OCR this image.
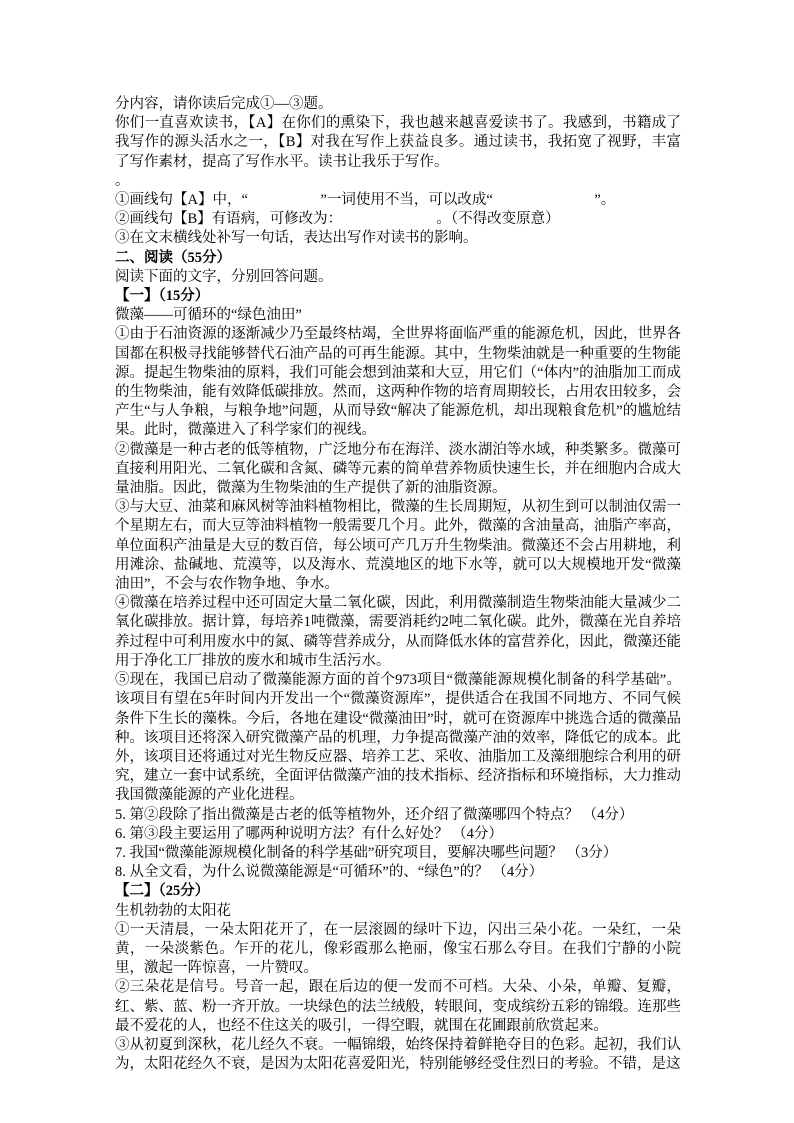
分内容，请你读后完成①—③题。

你们一直喜欢读书，【A】在你们的熏染下，我也越来越喜爱读书了。我感到，书籍成了我写作的源头活水之一，【B】对我在写作上获益良多。通过读书，我拓宽了视野，丰富了写作素材，提高了写作水平。读书让我乐于写作。

。

①画线句【A】中，“　　　　　”一词使用不当，可以改成“　　　　　　　”。

②画线句【B】有语病，可修改为：　　　　　　　。（不得改变原意）

③在文末横线处补写一句话，表达出写作对读书的影响。

二、阅读（55分）

阅读下面的文字，分别回答问题。

【一】（15分）

微藻——可循环的“绿色油田”

①由于石油资源的逐渐减少乃至最终枯竭，全世界将面临严重的能源危机，因此，世界各国都在积极寻找能够替代石油产品的可再生能源。其中，生物柴油就是一种重要的生物能源。提起生物柴油的原料，我们可能会想到油菜和大豆，用它们（“体内”的油脂加工而成的生物柴油，能有效降低碳排放。然而，这两种作物的培育周期较长，占用农田较多，会产生“与人争粮，与粮争地”问题，从而导致“解决了能源危机，却出现粮食危机”的尴尬结果。此时，微藻进入了科学家们的视线。

②微藻是一种古老的低等植物，广泛地分布在海洋、淡水湖泊等水域，种类繁多。微藻可直接利用阳光、二氧化碳和含氮、磷等元素的简单营养物质快速生长，并在细胞内合成大量油脂。因此，微藻为生物柴油的生产提供了新的油脂资源。

③与大豆、油菜和麻风树等油料植物相比，微藻的生长周期短，从初生到可以制油仅需一个星期左右，而大豆等油料植物一般需要几个月。此外，微藻的含油量高，油脂产率高，单位面积产油量是大豆的数百倍，每公顷可产几万升生物柴油。微藻还不会占用耕地，利用滩涂、盐碱地、荒漠等，以及海水、荒漠地区的地下水等，就可以大规模地开发“微藻油田”，不会与农作物争地、争水。

④微藻在培养过程中还可固定大量二氧化碳，因此，利用微藻制造生物柴油能大量减少二氧化碳排放。据计算，每培养1吨微藻，需要消耗约2吨二氧化碳。此外，微藻在光自养培养过程中可利用废水中的氮、磷等营养成分，从而降低水体的富营养化，因此，微藻还能用于净化工厂排放的废水和城市生活污水。

⑤现在，我国已启动了微藻能源方面的首个973项目“微藻能源规模化制备的科学基础”。该项目有望在5年时间内开发出一个“微藻资源库”，提供适合在我国不同地方、不同气候条件下生长的藻株。今后，各地在建设“微藻油田”时，就可在资源库中挑选合适的微藻品种。该项目还将深入研究微藻产品的机理，力争提高微藻产油的效率，降低它的成本。此外，该项目还将通过对光生物反应器、培养工艺、采收、油脂加工及藻细胞综合利用的研究，建立一套中试系统，全面评估微藻产油的技术指标、经济指标和环境指标，大力推动我国微藻能源的产业化进程。

5. 第②段除了指出微藻是古老的低等植物外，还介绍了微藻哪四个特点？ （4分）

6. 第③段主要运用了哪两种说明方法？有什么好处？ （4分）

7. 我国“微藻能源规模化制备的科学基础”研究项目，要解决哪些问题？ （3分）

8. 从全文看，为什么说微藻能源是“可循环”的、“绿色”的？ （4分）

【二】（25分）

生机勃勃的太阳花

①一天清晨，一朵太阳花开了，在一层滚圆的绿叶下边，闪出三朵小花。一朵红，一朵黄，一朵淡紫色。乍开的花儿，像彩霞那么艳丽，像宝石那么夺目。在我们宁静的小院里，激起一阵惊喜，一片赞叹。

②三朵花是信号。号音一起，跟在后边的便一发而不可档。大朵、小朵，单瓣、复瓣，红、紫、蓝、粉一齐开放。一块绿色的法兰绒般，转眼间，变成缤纷五彩的锦缎。连那些最不爱花的人，也经不住这关的吸引，一得空暇，就围在花圃跟前欣赏起来。

③从初夏到深秋，花儿经久不衰。一幅锦缎，始终保持着鲜艳夺目的色彩。起初，我们认为，太阳花经久不衰，是因为太阳花喜爱阳光，特别能够经受住烈日的考验。不错，是这
